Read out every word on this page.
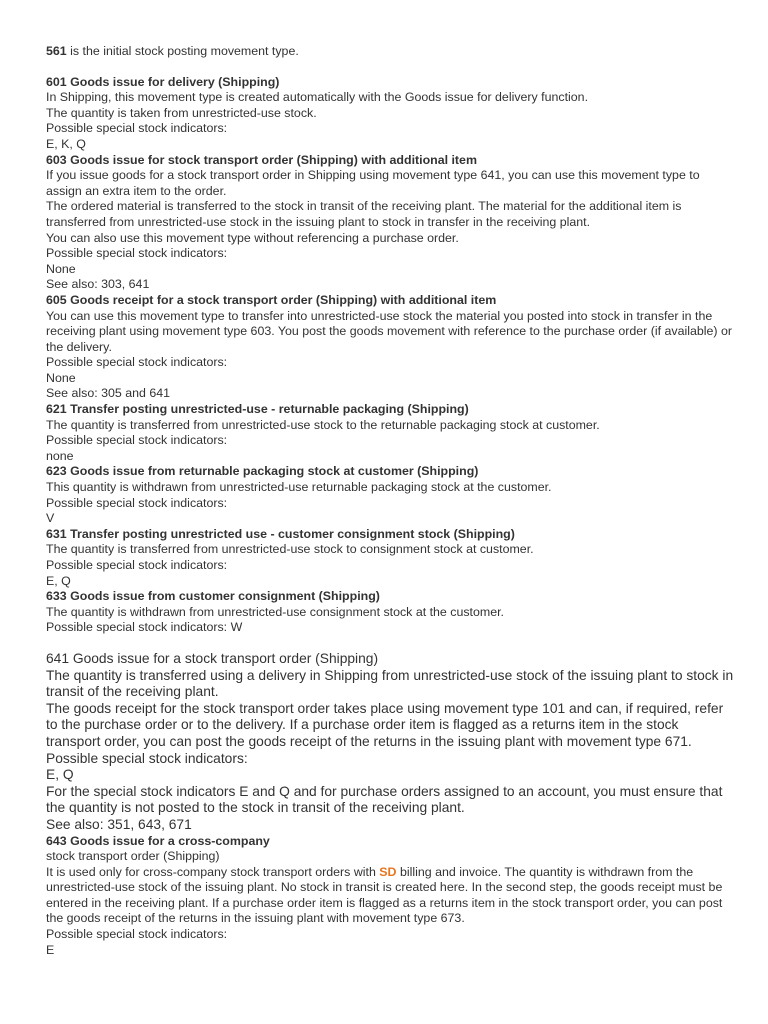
561 is the initial stock posting movement type.

601 Goods issue for delivery (Shipping)

In Shipping, this movement type is created automatically with the Goods issue for delivery function.

The quantity is taken from unrestricted-use stock.

Possible special stock indicators:

E, K, Q

603 Goods issue for stock transport order (Shipping) with additional item

If you issue goods for a stock transport order in Shipping using movement type 641, you can use this movement type to assign an extra item to the order.

The ordered material is transferred to the stock in transit of the receiving plant. The material for the additional item is transferred from unrestricted-use stock in the issuing plant to stock in transfer in the receiving plant.

You can also use this movement type without referencing a purchase order.

Possible special stock indicators:

None

See also: 303, 641

605 Goods receipt for a stock transport order (Shipping) with additional item

You can use this movement type to transfer into unrestricted-use stock the material you posted into stock in transfer in the receiving plant using movement type 603. You post the goods movement with reference to the purchase order (if available) or the delivery.

Possible special stock indicators:

None

See also: 305 and 641

621 Transfer posting unrestricted-use - returnable packaging (Shipping)

The quantity is transferred from unrestricted-use stock to the returnable packaging stock at customer.

Possible special stock indicators:

none

623 Goods issue from returnable packaging stock at customer (Shipping)

This quantity is withdrawn from unrestricted-use returnable packaging stock at the customer.

Possible special stock indicators:

V

631 Transfer posting unrestricted use - customer consignment stock (Shipping)

The quantity is transferred from unrestricted-use stock to consignment stock at customer.

Possible special stock indicators:

E, Q

633 Goods issue from customer consignment (Shipping)

The quantity is withdrawn from unrestricted-use consignment stock at the customer.

Possible special stock indicators: W

641 Goods issue for a stock transport order (Shipping)

The quantity is transferred using a delivery in Shipping from unrestricted-use stock of the issuing plant to stock in transit of the receiving plant.

The goods receipt for the stock transport order takes place using movement type 101 and can, if required, refer to the purchase order or to the delivery. If a purchase order item is flagged as a returns item in the stock transport order, you can post the goods receipt of the returns in the issuing plant with movement type 671.

Possible special stock indicators:

E, Q

For the special stock indicators E and Q and for purchase orders assigned to an account, you must ensure that the quantity is not posted to the stock in transit of the receiving plant.

See also: 351, 643, 671

643 Goods issue for a cross-company

stock transport order (Shipping)

It is used only for cross-company stock transport orders with SD billing and invoice. The quantity is withdrawn from the unrestricted-use stock of the issuing plant. No stock in transit is created here. In the second step, the goods receipt must be entered in the receiving plant. If a purchase order item is flagged as a returns item in the stock transport order, you can post the goods receipt of the returns in the issuing plant with movement type 673.

Possible special stock indicators:

E
